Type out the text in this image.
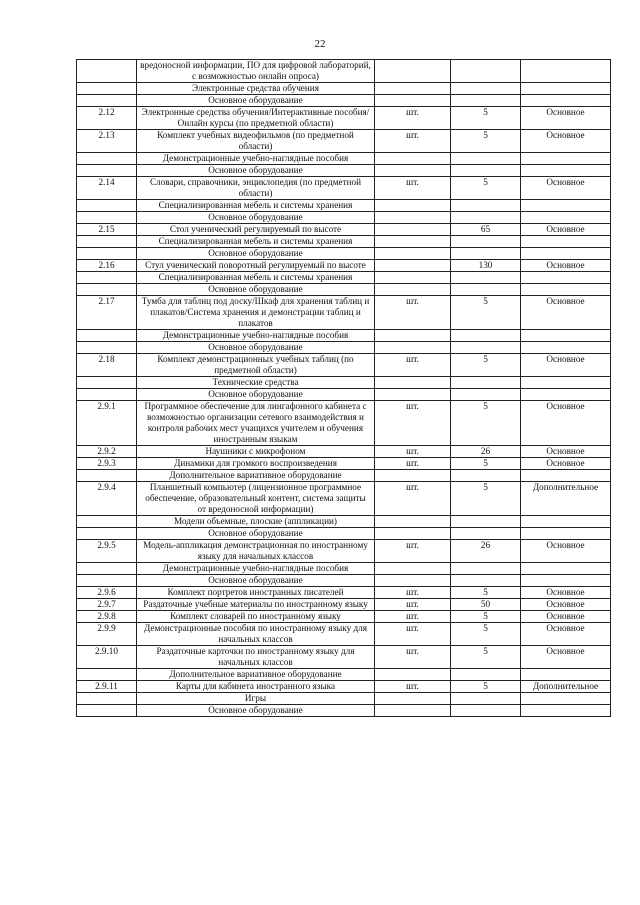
22
	вредоносной информации, ПО для цифровой лабораторий, с возможностью онлайн опроса)			
	Электронные средства обучения			
	Основное оборудование			
2.12	Электронные средства обучения/Интерактивные пособия/Онлайн курсы (по предметной области)	шт.	5	Основное
2.13	Комплект учебных видеофильмов (по предметной области)	шт.	5	Основное
	Демонстрационные учебно-наглядные пособия			
	Основное оборудование			
2.14	Словари, справочники, энциклопедия (по предметной области)	шт.	5	Основное
	Специализированная мебель и системы хранения			
	Основное оборудование			
2.15	Стол ученический регулируемый по высоте		65	Основное
	Специализированная мебель и системы хранения			
	Основное оборудование			
2.16	Стул ученический поворотный регулируемый по высоте		130	Основное
	Специализированная мебель и системы хранения			
	Основное оборудование			
2.17	Тумба для таблиц под доску/Шкаф для хранения таблиц и плакатов/Система хранения и демонстрации таблиц и плакатов	шт.	5	Основное
	Демонстрационные учебно-наглядные пособия			
	Основное оборудование			
2.18	Комплект демонстрационных учебных таблиц (по предметной области)	шт.	5	Основное
	Технические средства			
	Основное оборудование			
2.9.1	Программное обеспечение для лингафонного кабинета с возможностью организации сетевого взаимодействия и контроля рабочих мест учащихся учителем и обучения иностранным языкам	шт.	5	Основное
2.9.2	Наушники с микрофоном	шт.	26	Основное
2.9.3	Динамики для громкого воспроизведения	шт.	5	Основное
	Дополнительное вариативное оборудование			
2.9.4	Планшетный компьютер (лицензионное программное обеспечение, образовательный контент, система защиты от вредоносной информации)	шт.	5	Дополнительное
	Модели объемные, плоские (аппликации)			
	Основное оборудование			
2.9.5	Модель-аппликация демонстрационная по иностранному языку для начальных классов	шт.	26	Основное
	Демонстрационные учебно-наглядные пособия			
	Основное оборудование			
2.9.6	Комплект портретов иностранных писателей	шт.	5	Основное
2.9.7	Раздаточные учебные материалы по иностранному языку	шт.	50	Основное
2.9.8	Комплект словарей по иностранному языку	шт.	5	Основное
2.9.9	Демонстрационные пособия по иностранному языку для начальных классов	шт.	5	Основное
2.9.10	Раздаточные карточки по иностранному языку для начальных классов	шт.	5	Основное
	Дополнительное вариативное оборудование			
2.9.11	Карты для кабинета иностранного языка	шт.	5	Дополнительное
	Игры			
	Основное оборудование			
